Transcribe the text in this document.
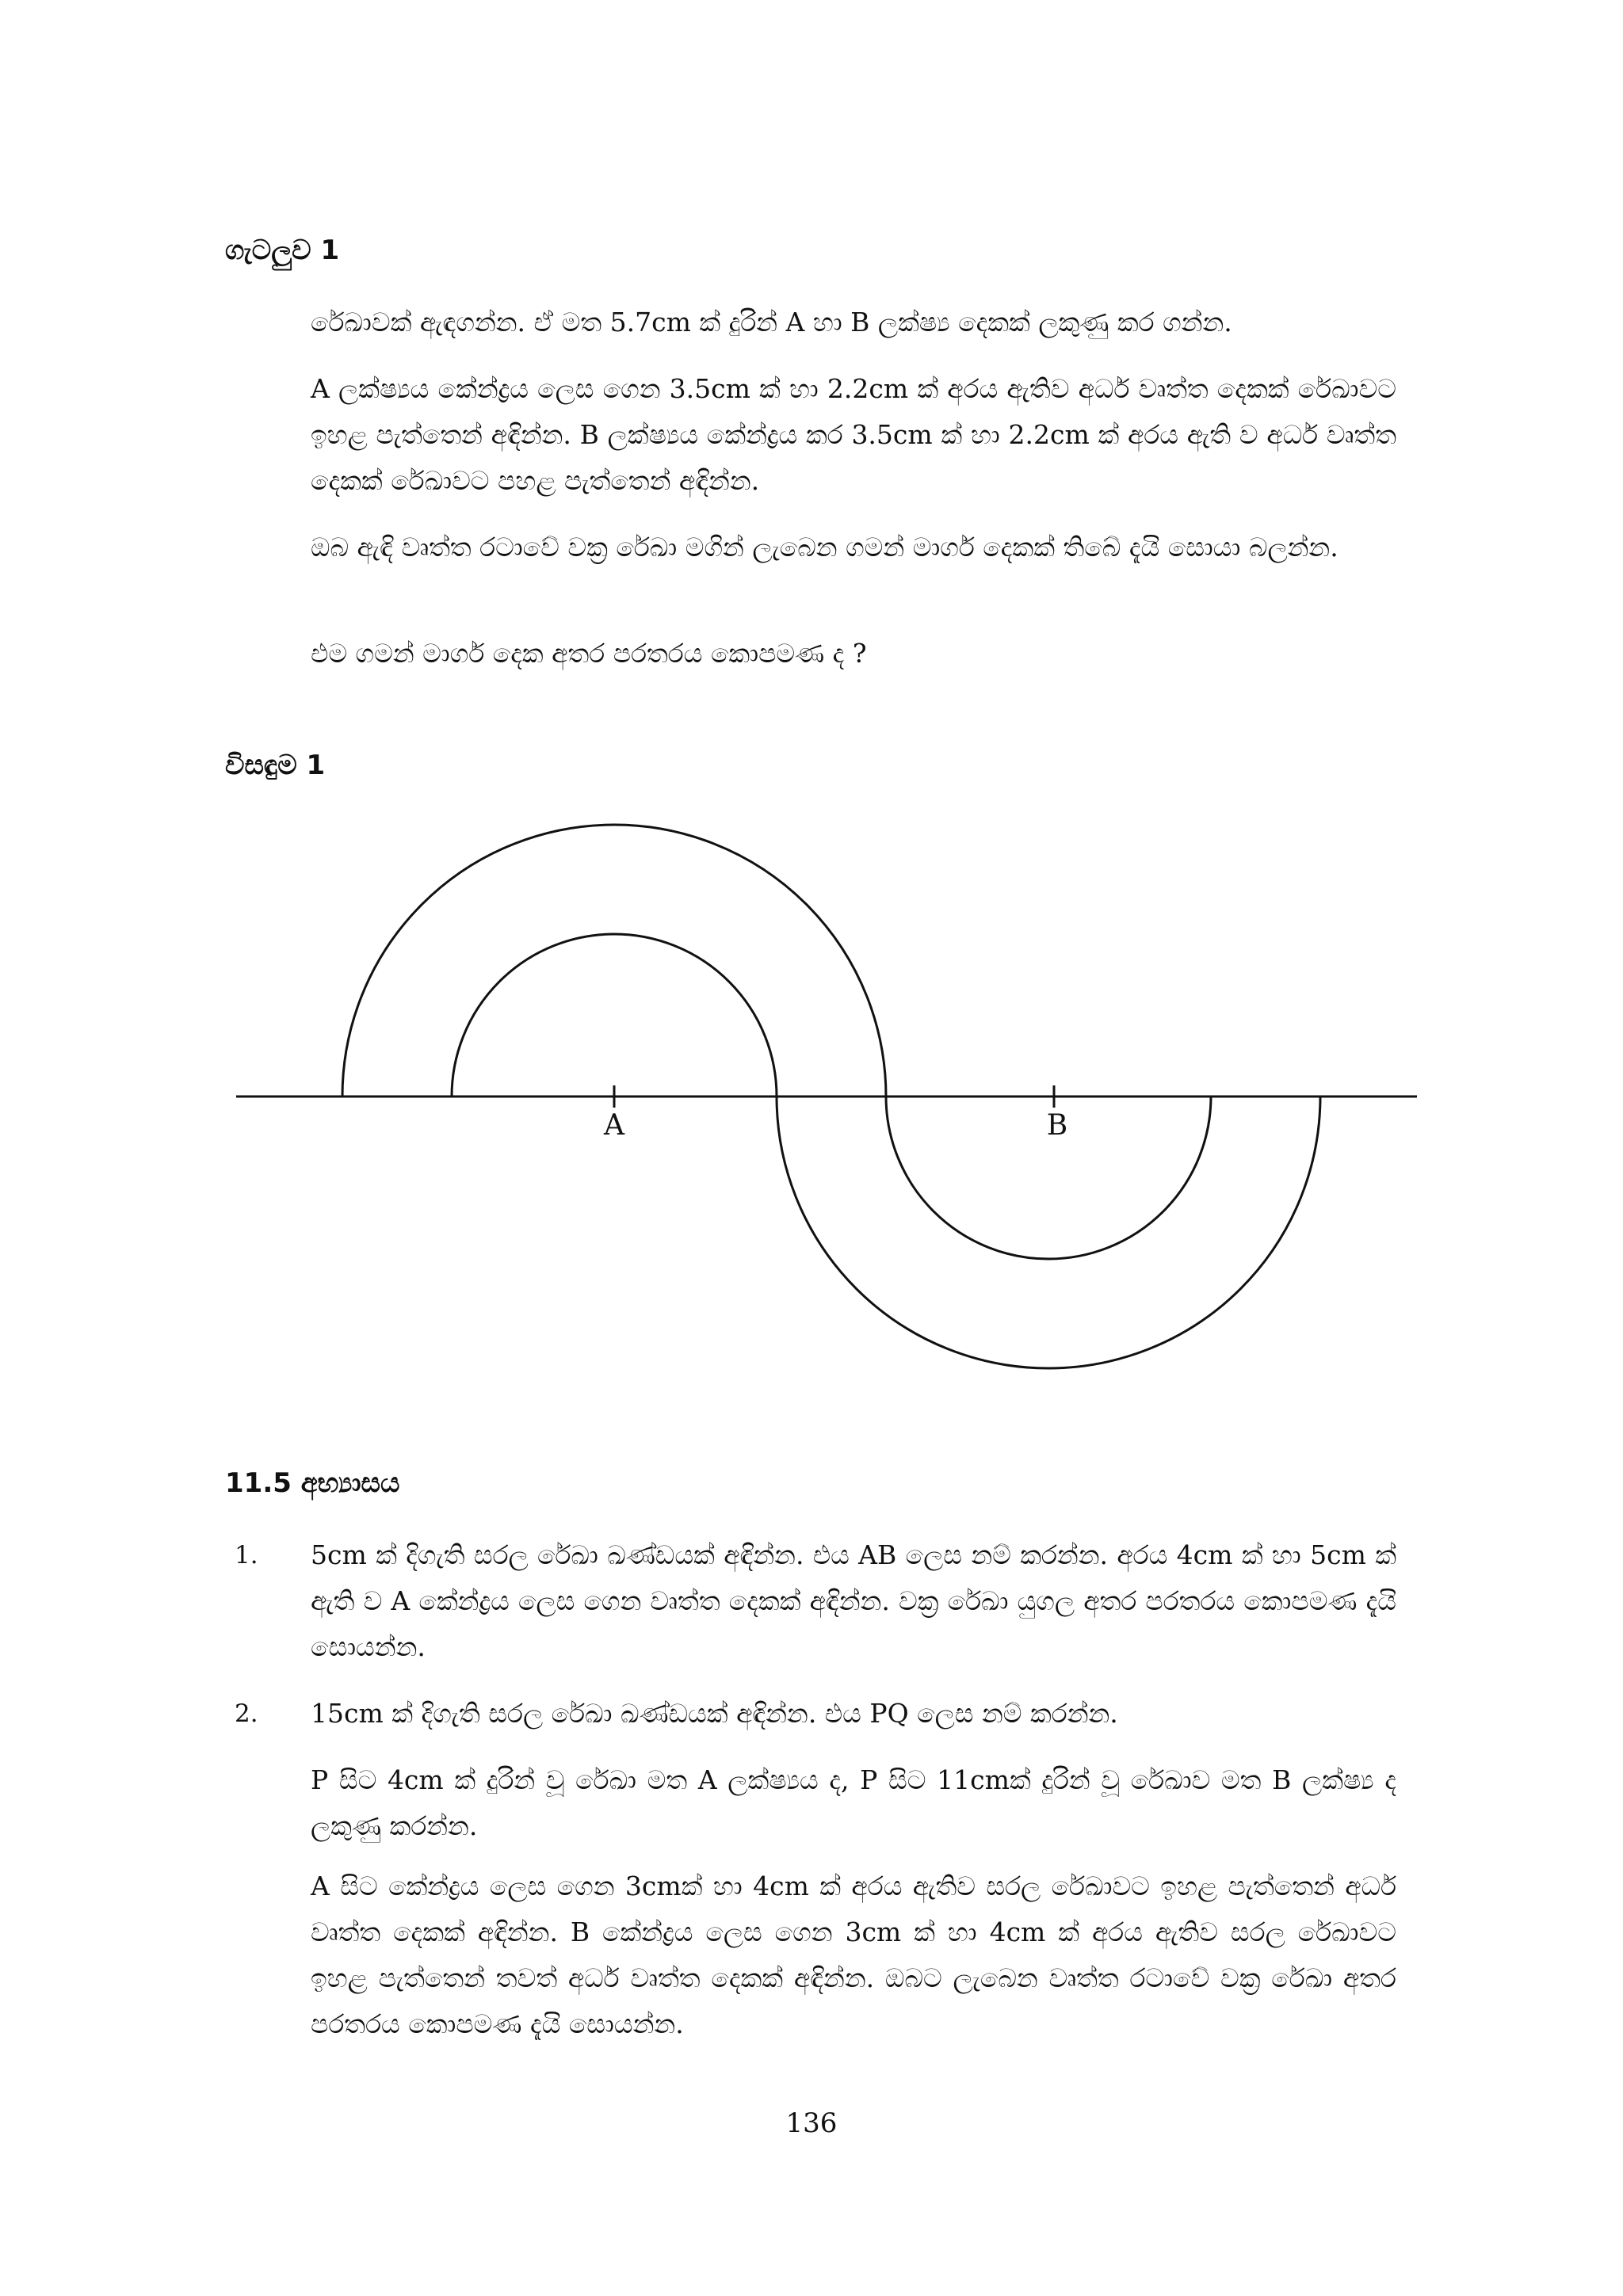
ගැටලුව 1

රේඛාවක් ඇඳගන්න. ඒ මත 5.7cm ක් දුරින් A හා B ලක්ෂ්‍ය දෙකක් ලකුණු කර ගන්න.

A ලක්ෂ්‍යය කේන්ද්‍රය ලෙස ගෙන 3.5cm ක් හා 2.2cm ක් අරය ඇතිව අර්ධ වෘත්ත දෙකක් රේඛාවට ඉහළ පැත්තෙන් අඳින්න. B ලක්ෂ්‍යය කේන්ද්‍රය කර 3.5cm ක් හා 2.2cm ක් අරය ඇති ව අර්ධ වෘත්ත දෙකක් රේඛාවට පහළ පැත්තෙන් අඳින්න.

ඔබ ඇඳි වෘත්ත රටාවේ වක්‍ර රේඛා මගින් ලැබෙන ගමන් මාර්ග දෙකක් තිබේ දැයි සොයා බලන්න.

එම ගමන් මාර්ග දෙක අතර පරතරය කොපමණ ද ?

විසඳුම 1
A	B
11.5 අභ්‍යාසය
1. 5cm ක් දිගැති සරල රේඛා ඛණ්ඩයක් අඳින්න. එය AB ලෙස නම් කරන්න. අරය 4cm ක් හා 5cm ක් ඇති ව A කේන්ද්‍රය ලෙස ගෙන වෘත්ත දෙකක් අඳින්න. වක්‍ර රේඛා යුගල අතර පරතරය කොපමණ දැයි සොයන්න.

2. 15cm ක් දිගැති සරල රේඛා ඛණ්ඩයක් අඳින්න. එය PQ ලෙස නම් කරන්න.

P සිට 4cm ක් දුරින් වූ රේඛා මත A ලක්ෂ්‍යය ද, P සිට 11cmක් දුරින් වූ රේඛාව මත B ලක්ෂ්‍ය ද ලකුණු කරන්න.

A සිට කේන්ද්‍රය ලෙස ගෙන 3cmක් හා 4cm ක් අරය ඇතිව සරල රේඛාවට ඉහළ පැත්තෙන් අර්ධ වෘත්ත දෙකක් අඳින්න. B කේන්ද්‍රය ලෙස ගෙන 3cm ක් හා 4cm ක් අරය ඇතිව සරල රේඛාවට ඉහළ පැත්තෙන් තවත් අර්ධ වෘත්ත දෙකක් අඳින්න. ඔබට ලැබෙන වෘත්ත රටාවේ වක්‍ර රේඛා අතර පරතරය කොපමණ දැයි සොයන්න.

136
